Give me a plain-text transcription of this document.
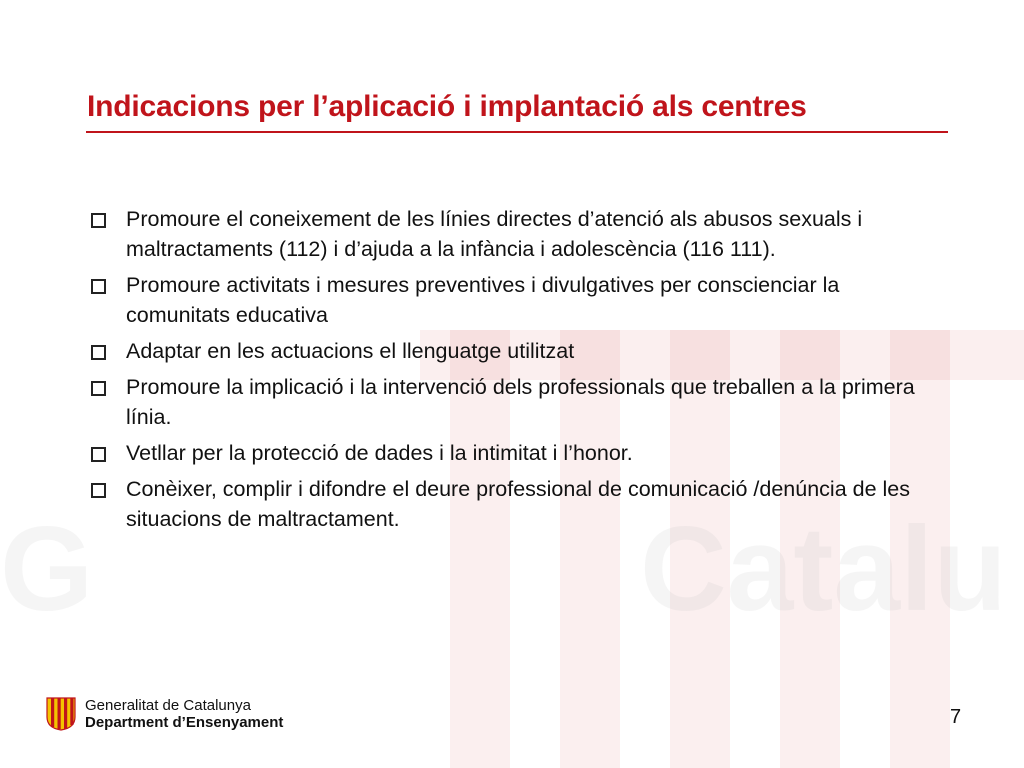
G	Catalu
Indicacions per l’aplicació i implantació als centres
Promoure el coneixement de les línies directes d’atenció als abusos sexuals i maltractaments (112) i d’ajuda a la infància i adolescència (116 111).
Promoure activitats i mesures preventives i divulgatives per conscienciar la comunitats educativa
Adaptar en les actuacions el llenguatge utilitzat
Promoure la implicació i la intervenció dels professionals que treballen a la primera línia.
Vetllar per la protecció de dades i la intimitat i l’honor.
Conèixer, complir i difondre el deure professional de comunicació /denúncia de les situacions de maltractament.
Generalitat de Catalunya
Department d’Ensenyament	7
